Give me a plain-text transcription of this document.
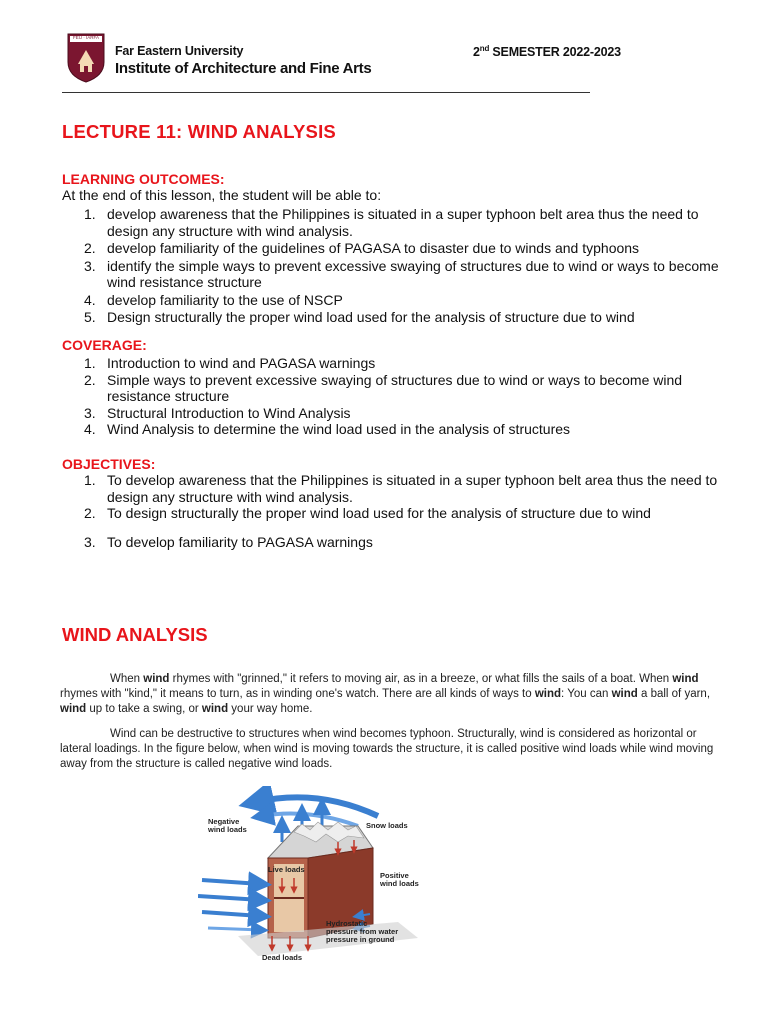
FEU · IARFA
Far Eastern University
Institute of Architecture and Fine Arts
2nd SEMESTER 2022-2023
LECTURE 11: WIND ANALYSIS
LEARNING OUTCOMES:
At the end of this lesson, the student will be able to:
1. develop awareness that the Philippines is situated in a super typhoon belt area thus the need to design any structure with wind analysis.
2. develop familiarity of the guidelines of PAGASA to disaster due to winds and typhoons
3. identify the simple ways to prevent excessive swaying of structures due to wind or ways to become wind resistance structure
4. develop familiarity to the use of NSCP
5. Design structurally the proper wind load used for the analysis of structure due to wind
COVERAGE:
1. Introduction to wind and PAGASA warnings
2. Simple ways to prevent excessive swaying of structures due to wind or ways to become wind resistance structure
3. Structural Introduction to Wind Analysis
4. Wind Analysis to determine the wind load used in the analysis of structures
OBJECTIVES:
1. To develop awareness that the Philippines is situated in a super typhoon belt area thus the need to design any structure with wind analysis.
2. To design structurally the proper wind load used for the analysis of structure due to wind
3. To develop familiarity to PAGASA warnings
WIND ANALYSIS
When wind rhymes with "grinned," it refers to moving air, as in a breeze, or what fills the sails of a boat. When wind rhymes with "kind," it means to turn, as in winding one's watch. There are all kinds of ways to wind: You can wind a ball of yarn, wind up to take a swing, or wind your way home.
Wind can be destructive to structures when wind becomes typhoon. Structurally, wind is considered as horizontal or lateral loadings. In the figure below, when wind is moving towards the structure, it is called positive wind loads while wind moving away from the structure is called negative wind loads.
Negative
wind loads	Snow loads
Live loads
Positive
wind loads
Hydrostatic
pressure from water
pressure in ground
Dead loads
